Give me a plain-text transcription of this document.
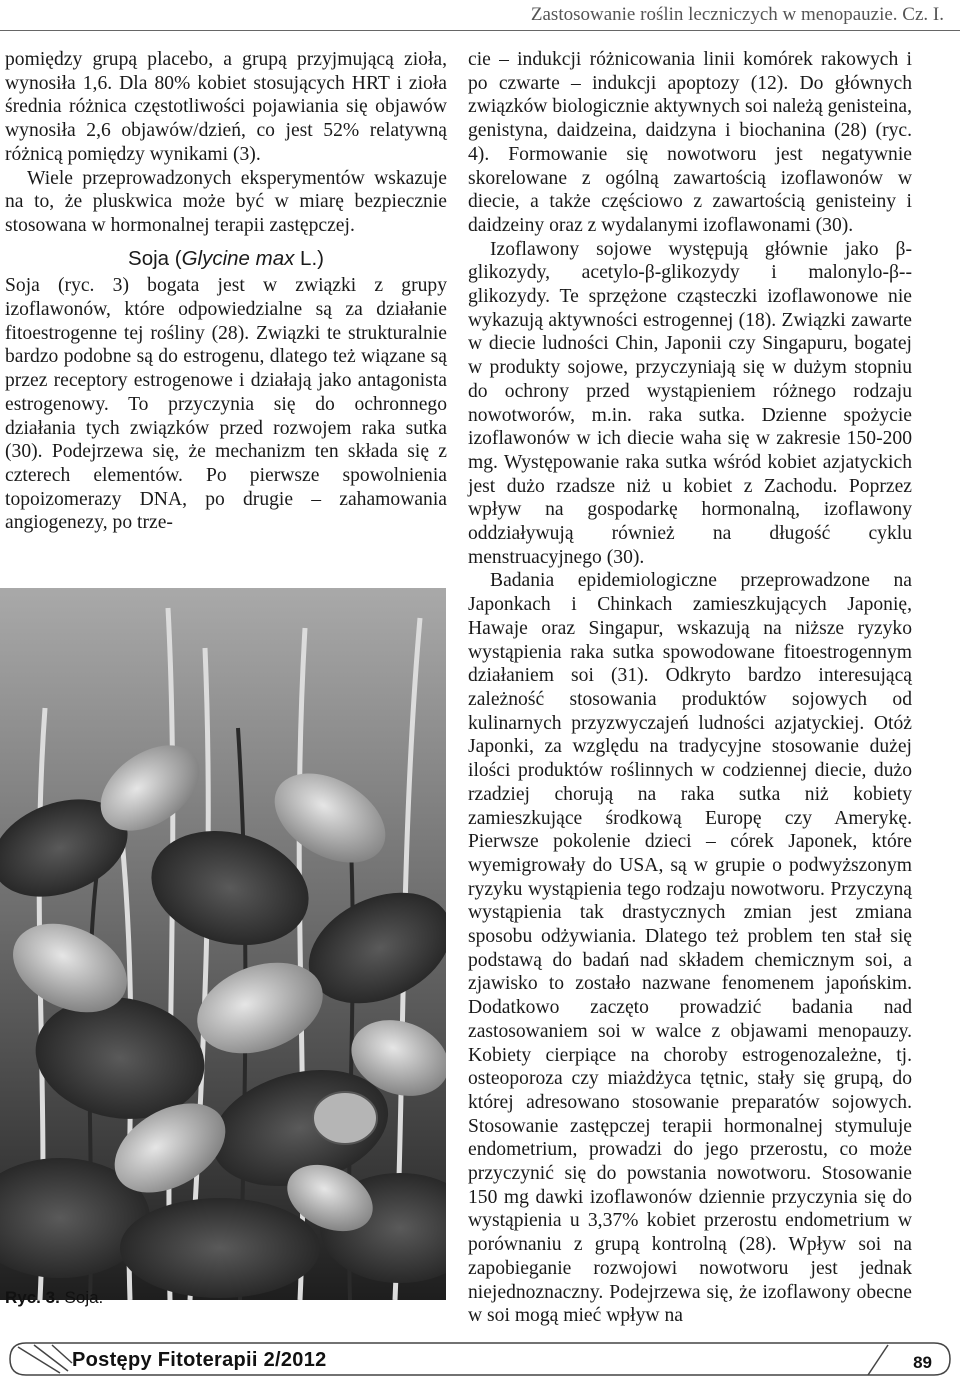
Zastosowanie roślin leczniczych w menopauzie. Cz. I.

pomiędzy grupą placebo, a grupą przyjmującą zioła, wynosiła 1,6. Dla 80% kobiet stosujących HRT i zioła średnia różnica częstotliwości pojawiania się objawów wynosiła 2,6 objawów/dzień, co jest 52% relatywną różnicą pomiędzy wynikami (3).

Wiele przeprowadzonych eksperymentów wskazuje na to, że pluskwica może być w miarę bezpiecznie stosowana w hormonalnej terapii zastępczej.

Soja (Glycine max L.)

Soja (ryc. 3) bogata jest w związki z grupy izoflawonów, które odpowiedzialne są za działanie fitoestrogenne tej rośliny (28). Związki te strukturalnie bardzo podobne są do estrogenu, dlatego też wiązane są przez receptory estrogenowe i działają jako antagonista estrogenowy. To przyczynia się do ochronnego działania tych związków przed rozwojem raka sutka (30). Podejrzewa się, że mechanizm ten składa się z czterech elementów. Po pierwsze spowolnienia topoizomerazy DNA, po drugie – zahamowania angiogenezy, po trze-

Ryc. 3. Soja.

cie – indukcji różnicowania linii komórek rakowych i po czwarte – indukcji apoptozy (12). Do głównych związków biologicznie aktywnych soi należą genisteina, genistyna, daidzeina, daidzyna i biochanina (28) (ryc. 4). Formowanie się nowotworu jest negatywnie skorelowane z ogólną zawartością izoflawonów w diecie, a także częściowo z zawartością genisteiny i daidzeiny oraz z wydalanymi izoflawonami (30).

Izoflawony sojowe występują głównie jako β-glikozydy, acetylo-β-glikozydy i malonylo-β--glikozydy. Te sprzężone cząsteczki izoflawonowe nie wykazują aktywności estrogennej (18). Związki zawarte w diecie ludności Chin, Japonii czy Singapuru, bogatej w produkty sojowe, przyczyniają się w dużym stopniu do ochrony przed wystąpieniem różnego rodzaju nowotworów, m.in. raka sutka. Dzienne spożycie izoflawonów w ich diecie waha się w zakresie 150-200 mg. Występowanie raka sutka wśród kobiet azjatyckich jest dużo rzadsze niż u kobiet z Zachodu. Poprzez wpływ na gospodarkę hormonalną, izoflawony oddziaływują również na długość cyklu menstruacyjnego (30).

Badania epidemiologiczne przeprowadzone na Japonkach i Chinkach zamieszkujących Japonię, Hawaje oraz Singapur, wskazują na niższe ryzyko wystąpienia raka sutka spowodowane fitoestrogennym działaniem soi (31). Odkryto bardzo interesującą zależność stosowania produktów sojowych od kulinarnych przyzwyczajeń ludności azjatyckiej. Otóż Japonki, za względu na tradycyjne stosowanie dużej ilości produktów roślinnych w codziennej diecie, dużo rzadziej chorują na raka sutka niż kobiety zamieszkujące środkową Europę czy Amerykę. Pierwsze pokolenie dzieci – córek Japonek, które wyemigrowały do USA, są w grupie o podwyższonym ryzyku wystąpienia tego rodzaju nowotworu. Przyczyną wystąpienia tak drastycznych zmian jest zmiana sposobu odżywiania. Dlatego też problem ten stał się podstawą do badań nad składem chemicznym soi, a zjawisko to zostało nazwane fenomenem japońskim. Dodatkowo zaczęto prowadzić badania nad zastosowaniem soi w walce z objawami menopauzy. Kobiety cierpiące na choroby estrogenozależne, tj. osteoporoza czy miażdżyca tętnic, stały się grupą, do której adresowano stosowanie preparatów sojowych. Stosowanie zastępczej terapii hormonalnej stymuluje endometrium, prowadzi do jego przerostu, co może przyczynić się do powstania nowotworu. Stosowanie 150 mg dawki izoflawonów dziennie przyczynia się do wystąpienia u 3,37% kobiet przerostu endometrium w porównaniu z grupą kontrolną (28). Wpływ soi na zapobieganie rozwojowi nowotworu jest jednak niejednoznaczny. Podejrzewa się, że izoflawony obecne w soi mogą mieć wpływ na

Postępy Fitoterapii 2/2012	89
